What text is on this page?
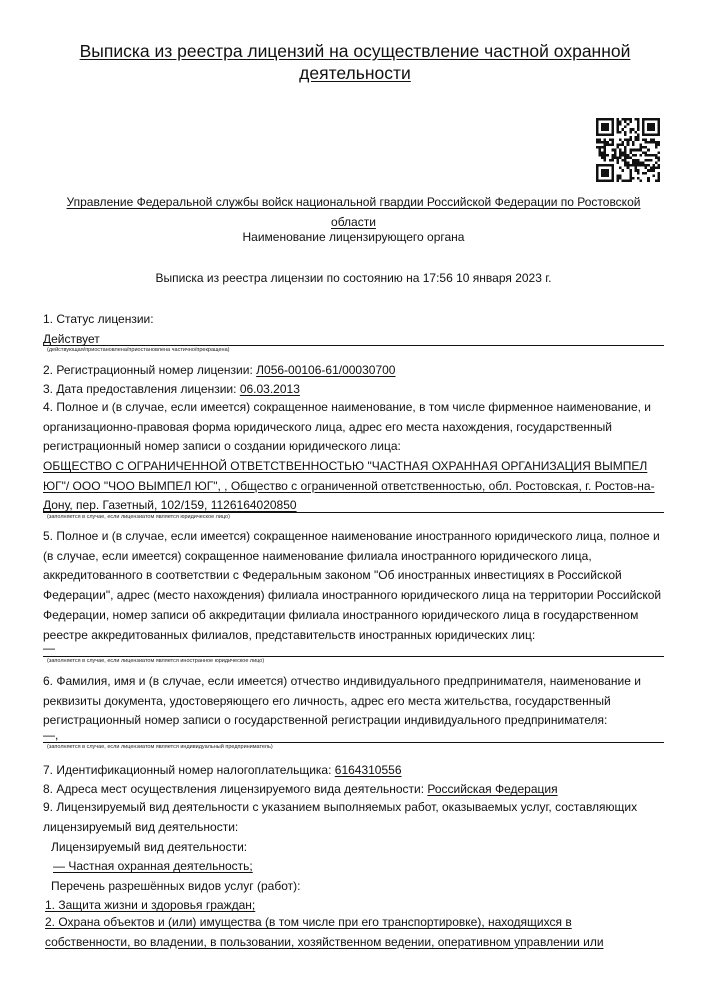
Выписка из реестра лицензий на осуществление частной охранной деятельности
Управление Федеральной службы войск национальной гвардии Российской Федерации по Ростовской области
Наименование лицензирующего органа
Выписка из реестра лицензии по состоянию на 17:56 10 января 2023 г.
1. Статус лицензии:
Действует
(действующая/приостановлена/приостановлена частично/прекращена)
2. Регистрационный номер лицензии: Л056-00106-61/00030700
3. Дата предоставления лицензии: 06.03.2013
4. Полное и (в случае, если имеется) сокращенное наименование, в том числе фирменное наименование, и организационно-правовая форма юридического лица, адрес его места нахождения, государственный регистрационный номер записи о создании юридического лица:
ОБЩЕСТВО С ОГРАНИЧЕННОЙ ОТВЕТСТВЕННОСТЬЮ "ЧАСТНАЯ ОХРАННАЯ ОРГАНИЗАЦИЯ ВЫМПЕЛ ЮГ"/ ООО "ЧОО ВЫМПЕЛ ЮГ", , Общество с ограниченной ответственностью, обл. Ростовская, г. Ростов-на-Дону, пер. Газетный, 102/159, 1126164020850
(заполняется в случае, если лицензиатом является юридическое лицо)
5. Полное и (в случае, если имеется) сокращенное наименование иностранного юридического лица, полное и (в случае, если имеется) сокращенное наименование филиала иностранного юридического лица, аккредитованного в соответствии с Федеральным законом "Об иностранных инвестициях в Российской Федерации", адрес (место нахождения) филиала иностранного юридического лица на территории Российской Федерации, номер записи об аккредитации филиала иностранного юридического лица в государственном реестре аккредитованных филиалов, представительств иностранных юридических лиц:
—
(заполняется в случае, если лицензиатом является иностранное юридическое лицо)
6. Фамилия, имя и (в случае, если имеется) отчество индивидуального предпринимателя, наименование и реквизиты документа, удостоверяющего его личность, адрес его места жительства, государственный регистрационный номер записи о государственной регистрации индивидуального предпринимателя:
—,
(заполняется в случае, если лицензиатом является индивидуальный предприниматель)
7. Идентификационный номер налогоплательщика: 6164310556
8. Адреса мест осуществления лицензируемого вида деятельности: Российская Федерация
9. Лицензируемый вид деятельности с указанием выполняемых работ, оказываемых услуг, составляющих лицензируемый вид деятельности:
Лицензируемый вид деятельности:
— Частная охранная деятельность;
Перечень разрешённых видов услуг (работ):
1. Защита жизни и здоровья граждан;
2. Охрана объектов и (или) имущества (в том числе при его транспортировке), находящихся в собственности, во владении, в пользовании, хозяйственном ведении, оперативном управлении или
